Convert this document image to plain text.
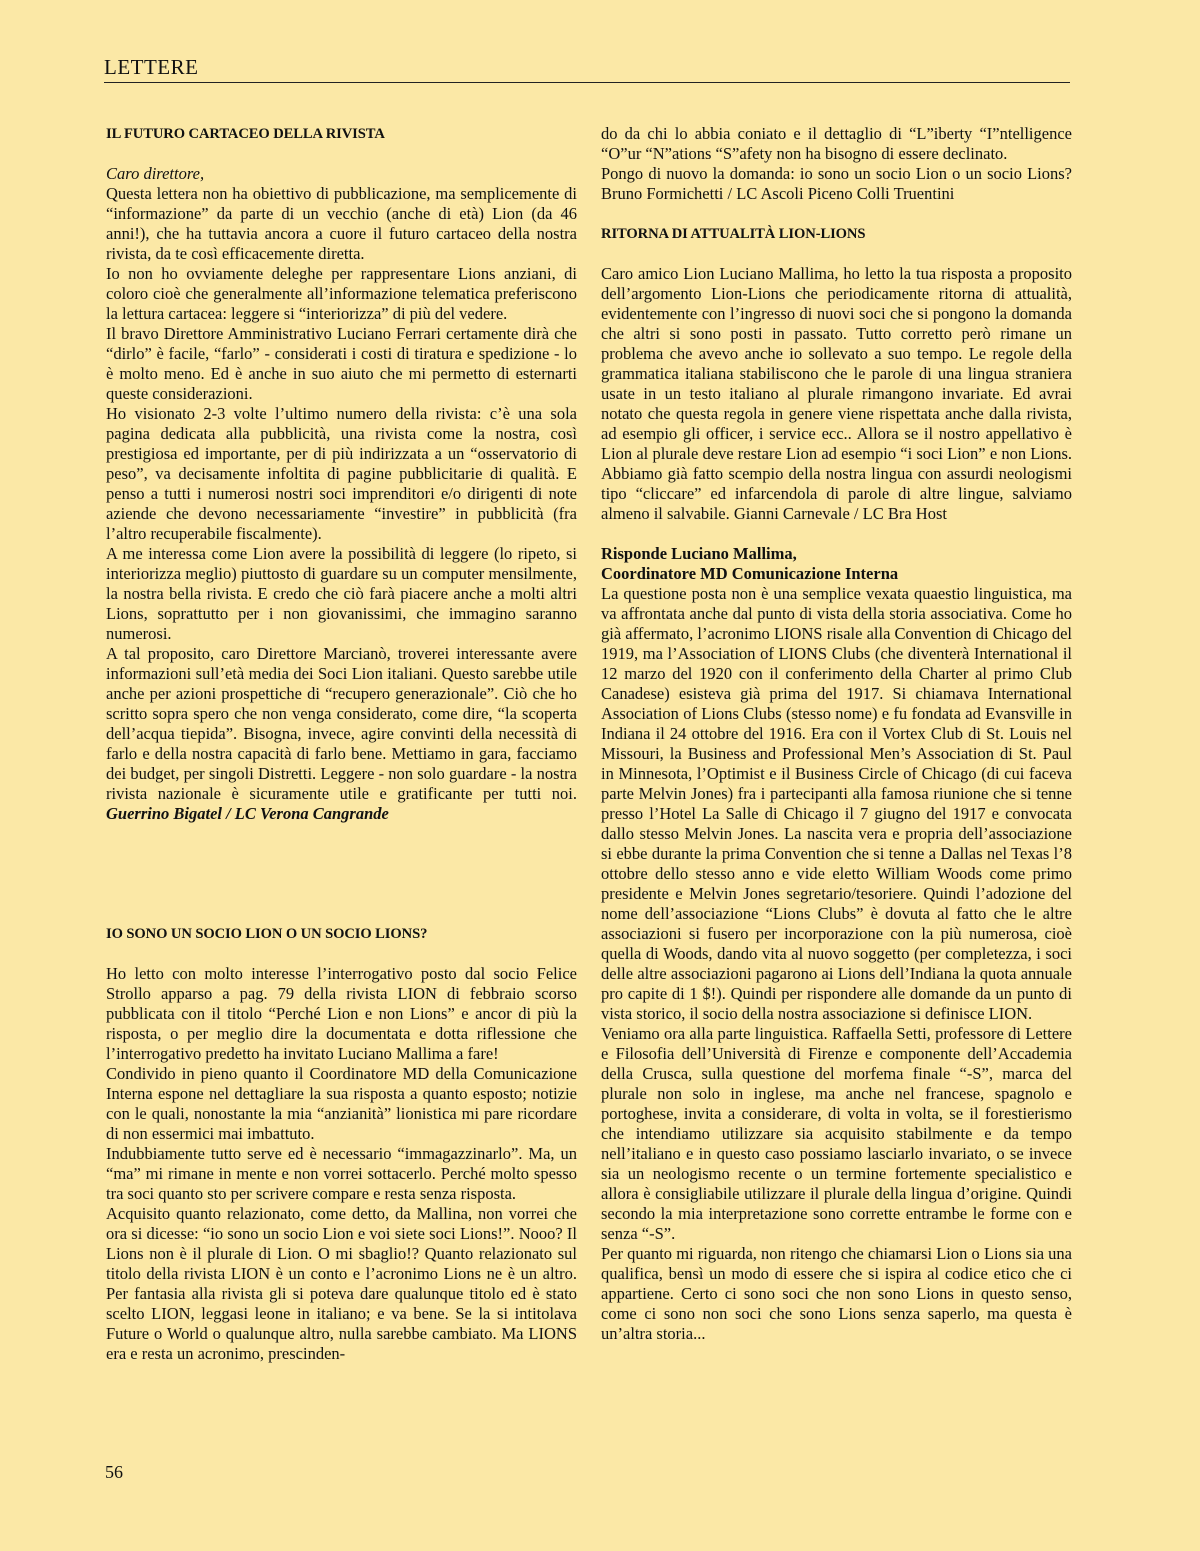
LETTERE
IL FUTURO CARTACEO DELLA RIVISTA

Caro direttore,

Questa lettera non ha obiettivo di pubblicazione, ma semplicemente di “informazione” da parte di un vecchio (anche di età) Lion (da 46 anni!), che ha tuttavia ancora a cuore il futuro cartaceo della nostra rivista, da te così efficacemente diretta.

Io non ho ovviamente deleghe per rappresentare Lions anziani, di coloro cioè che generalmente all’informazione telematica preferiscono la lettura cartacea: leggere si “interiorizza” di più del vedere.

Il bravo Direttore Amministrativo Luciano Ferrari certamente dirà che “dirlo” è facile, “farlo” - considerati i costi di tiratura e spedizione - lo è molto meno. Ed è anche in suo aiuto che mi permetto di esternarti queste considerazioni.

Ho visionato 2-3 volte l’ultimo numero della rivista: c’è una sola pagina dedicata alla pubblicità, una rivista come la nostra, così prestigiosa ed importante, per di più indirizzata a un “osservatorio di peso”, va decisamente infoltita di pagine pubblicitarie di qualità. E penso a tutti i numerosi nostri soci imprenditori e/o dirigenti di note aziende che devono necessariamente “investire” in pubblicità (fra l’altro recuperabile fiscalmente).

A me interessa come Lion avere la possibilità di leggere (lo ripeto, si interiorizza meglio) piuttosto di guardare su un computer mensilmente, la nostra bella rivista. E credo che ciò farà piacere anche a molti altri Lions, soprattutto per i non giovanissimi, che immagino saranno numerosi.

A tal proposito, caro Direttore Marcianò, troverei interessante avere informazioni sull’età media dei Soci Lion italiani. Questo sarebbe utile anche per azioni prospettiche di “recupero generazionale”. Ciò che ho scritto sopra spero che non venga considerato, come dire, “la scoperta dell’acqua tiepida”. Bisogna, invece, agire convinti della necessità di farlo e della nostra capacità di farlo bene. Mettiamo in gara, facciamo dei budget, per singoli Distretti. Leggere - non solo guardare - la nostra rivista nazionale è sicuramente utile e gratificante per tutti noi. Guerrino Bigatel / LC Verona Cangrande

IO SONO UN SOCIO LION O UN SOCIO LIONS?

Ho letto con molto interesse l’interrogativo posto dal socio Felice Strollo apparso a pag. 79 della rivista LION di febbraio scorso pubblicata con il titolo “Perché Lion e non Lions” e ancor di più la risposta, o per meglio dire la documentata e dotta riflessione che l’interrogativo predetto ha invitato Luciano Mallima a fare!

Condivido in pieno quanto il Coordinatore MD della Comunicazione Interna espone nel dettagliare la sua risposta a quanto esposto; notizie con le quali, nonostante la mia “anzianità” lionistica mi pare ricordare di non essermici mai imbattuto.

Indubbiamente tutto serve ed è necessario “immagazzinarlo”. Ma, un “ma” mi rimane in mente e non vorrei sottacerlo. Perché molto spesso tra soci quanto sto per scrivere compare e resta senza risposta.

Acquisito quanto relazionato, come detto, da Mallina, non vorrei che ora si dicesse: “io sono un socio Lion e voi siete soci Lions!”. Nooo? Il Lions non è il plurale di Lion. O mi sbaglio!? Quanto relazionato sul titolo della rivista LION è un conto e l’acronimo Lions ne è un altro. Per fantasia alla rivista gli si poteva dare qualunque titolo ed è stato scelto LION, leggasi leone in italiano; e va bene. Se la si intitolava Future o World o qualunque altro, nulla sarebbe cambiato. Ma LIONS era e resta un acronimo, prescinden-

do da chi lo abbia coniato e il dettaglio di “L”iberty “I”ntelligence “O”ur “N”ations “S”afety non ha bisogno di essere declinato.

Pongo di nuovo la domanda: io sono un socio Lion o un socio Lions? Bruno Formichetti / LC Ascoli Piceno Colli Truentini

RITORNA DI ATTUALITÀ LION-LIONS

Caro amico Lion Luciano Mallima, ho letto la tua risposta a proposito dell’argomento Lion-Lions che periodicamente ritorna di attualità, evidentemente con l’ingresso di nuovi soci che si pongono la domanda che altri si sono posti in passato. Tutto corretto però rimane un problema che avevo anche io sollevato a suo tempo. Le regole della grammatica italiana stabiliscono che le parole di una lingua straniera usate in un testo italiano al plurale rimangono invariate. Ed avrai notato che questa regola in genere viene rispettata anche dalla rivista, ad esempio gli officer, i service ecc.. Allora se il nostro appellativo è Lion al plurale deve restare Lion ad esempio “i soci Lion” e non Lions. Abbiamo già fatto scempio della nostra lingua con assurdi neologismi tipo “cliccare” ed infarcendola di parole di altre lingue, salviamo almeno il salvabile. Gianni Carnevale / LC Bra Host

Risponde Luciano Mallima,

Coordinatore MD Comunicazione Interna

La questione posta non è una semplice vexata quaestio linguistica, ma va affrontata anche dal punto di vista della storia associativa. Come ho già affermato, l’acronimo LIONS risale alla Convention di Chicago del 1919, ma l’Association of LIONS Clubs (che diventerà International il 12 marzo del 1920 con il conferimento della Charter al primo Club Canadese) esisteva già prima del 1917. Si chiamava International Association of Lions Clubs (stesso nome) e fu fondata ad Evansville in Indiana il 24 ottobre del 1916. Era con il Vortex Club di St. Louis nel Missouri, la Business and Professional Men’s Association di St. Paul in Minnesota, l’Optimist e il Business Circle of Chicago (di cui faceva parte Melvin Jones) fra i partecipanti alla famosa riunione che si tenne presso l’Hotel La Salle di Chicago il 7 giugno del 1917 e convocata dallo stesso Melvin Jones. La nascita vera e propria dell’associazione si ebbe durante la prima Convention che si tenne a Dallas nel Texas l’8 ottobre dello stesso anno e vide eletto William Woods come primo presidente e Melvin Jones segretario/tesoriere. Quindi l’adozione del nome dell’associazione “Lions Clubs” è dovuta al fatto che le altre associazioni si fusero per incorporazione con la più numerosa, cioè quella di Woods, dando vita al nuovo soggetto (per completezza, i soci delle altre associazioni pagarono ai Lions dell’Indiana la quota annuale pro capite di 1 $!). Quindi per rispondere alle domande da un punto di vista storico, il socio della nostra associazione si definisce LION.

Veniamo ora alla parte linguistica. Raffaella Setti, professore di Lettere e Filosofia dell’Università di Firenze e componente dell’Accademia della Crusca, sulla questione del morfema finale “-S”, marca del plurale non solo in inglese, ma anche nel francese, spagnolo e portoghese, invita a considerare, di volta in volta, se il forestierismo che intendiamo utilizzare sia acquisito stabilmente e da tempo nell’italiano e in questo caso possiamo lasciarlo invariato, o se invece sia un neologismo recente o un termine fortemente specialistico e allora è consigliabile utilizzare il plurale della lingua d’origine. Quindi secondo la mia interpretazione sono corrette entrambe le forme con e senza “-S”.

Per quanto mi riguarda, non ritengo che chiamarsi Lion o Lions sia una qualifica, bensì un modo di essere che si ispira al codice etico che ci appartiene. Certo ci sono soci che non sono Lions in questo senso, come ci sono non soci che sono Lions senza saperlo, ma questa è un’altra storia...

56
